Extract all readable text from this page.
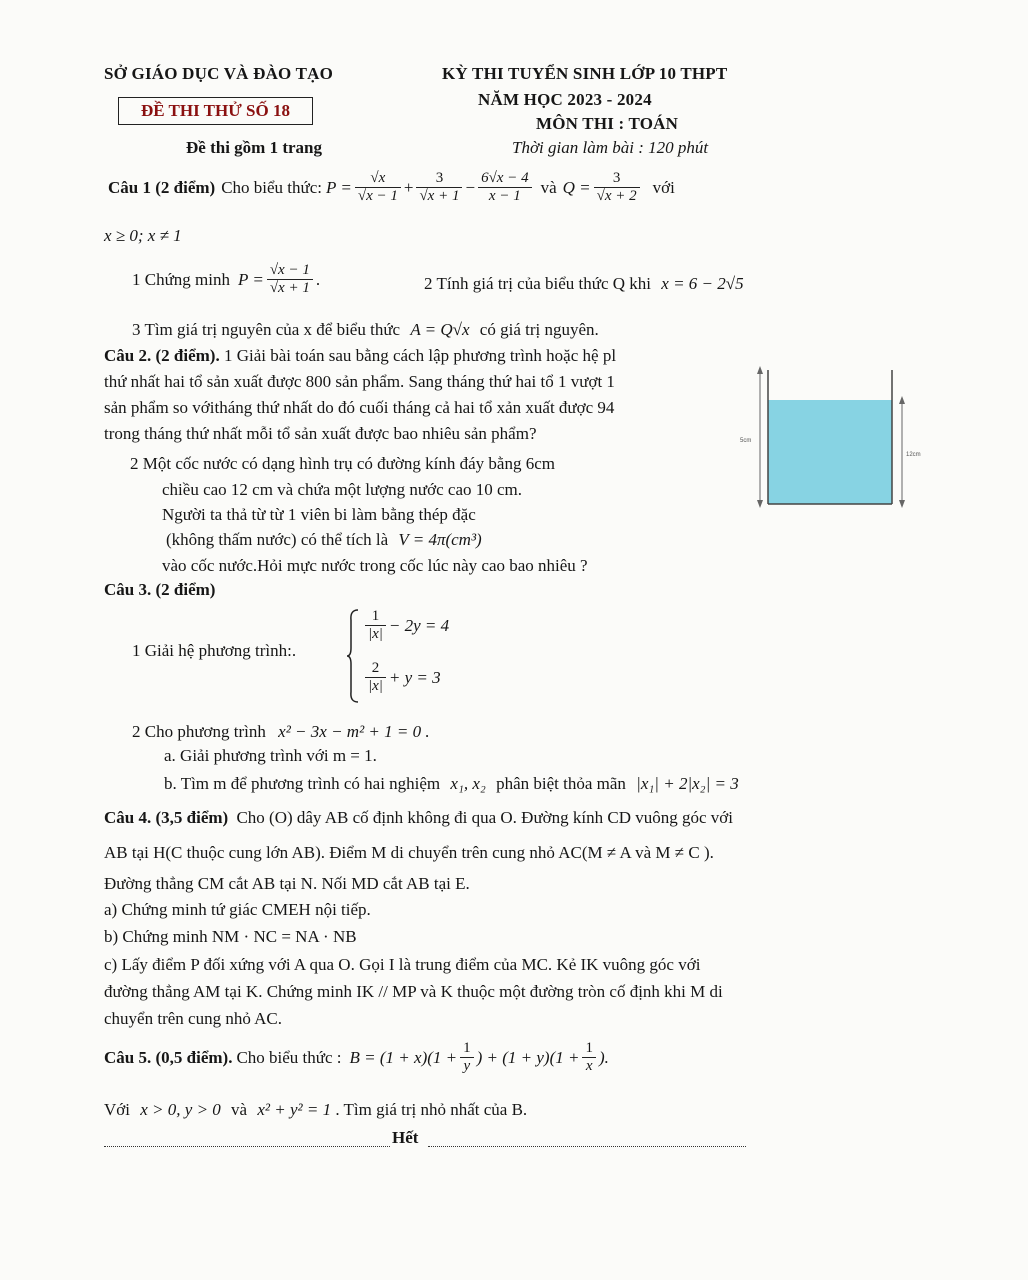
SỞ GIÁO DỤC VÀ ĐÀO TẠO
ĐỀ THI THỬ SỐ 18
Đề thi gồm 1 trang
KỲ THI TUYỂN SINH LỚP 10 THPT
NĂM HỌC 2023 - 2024
MÔN THI : TOÁN
Thời gian làm bài : 120 phút
Câu 1 (2 điểm) Cho biểu thức: $P = \frac{√x}{√x - 1} + \frac{3}{√x + 1} - \frac{6√x - 4}{x - 1}$ và $Q = \frac{3}{√x + 2}$ với
x ≥ 0; x ≠ 1
1 Chứng minh $P = \frac{√x - 1}{√x + 1}$ .	2 Tính giá trị của biểu thức Q khi x = 6 − 2√5
3 Tìm giá trị nguyên của x để biểu thức A = Q√x có giá trị nguyên.
Câu 2. (2 điểm). 1 Giải bài toán sau bằng cách lập phương trình hoặc hệ pl
thứ nhất hai tổ sản xuất được 800 sản phẩm. Sang tháng thứ hai tổ 1 vượt 1
sản phẩm so vớitháng thứ nhất do đó cuối tháng cả hai tổ xản xuất được 94
trong tháng thứ nhất mỗi tổ sản xuất được bao nhiêu sản phẩm?
2 Một cốc nước có dạng hình trụ có đường kính đáy bằng 6cm
chiều cao 12 cm và chứa một lượng nước cao 10 cm.
Người ta thả từ từ 1 viên bi làm bằng thép đặc
(không thấm nước) có thể tích là V = 4π(cm³)
vào cốc nước.Hỏi mực nước trong cốc lúc này cao bao nhiêu ?
5cm
12cm
Câu 3. (2 điểm)
1 Giải hệ phương trình:.
$\frac{1}{|x|} - 2y = 4$
$\frac{2}{|x|} + y = 3$
2 Cho phương trình x² − 3x − m² + 1 = 0 .
a. Giải phương trình với m = 1.
b. Tìm m để phương trình có hai nghiệm x₁, x₂ phân biệt thỏa mãn |x₁| + 2|x₂| = 3
Câu 4. (3,5 điểm) Cho (O) dây AB cố định không đi qua O. Đường kính CD vuông góc với
AB tại H(C thuộc cung lớn AB). Điểm M di chuyển trên cung nhỏ AC(M ≠ A và M ≠ C ).
Đường thẳng CM cắt AB tại N. Nối MD cắt AB tại E.
a) Chứng minh tứ giác CMEH nội tiếp.
b) Chứng minh NM · NC = NA · NB
c) Lấy điểm P đối xứng với A qua O. Gọi I là trung điểm của MC. Kẻ IK vuông góc với
đường thẳng AM tại K. Chứng minh IK // MP và K thuộc một đường tròn cố định khi M di
chuyển trên cung nhỏ AC.
Câu 5. (0,5 điểm). Cho biểu thức : $B = (1 + x)(1 + \frac{1}{y}$ ) + $(1 + y)(1 + \frac{1}{x}$ ).
Với x > 0, y > 0 và x² + y² = 1 . Tìm giá trị nhỏ nhất của B.
Hết
